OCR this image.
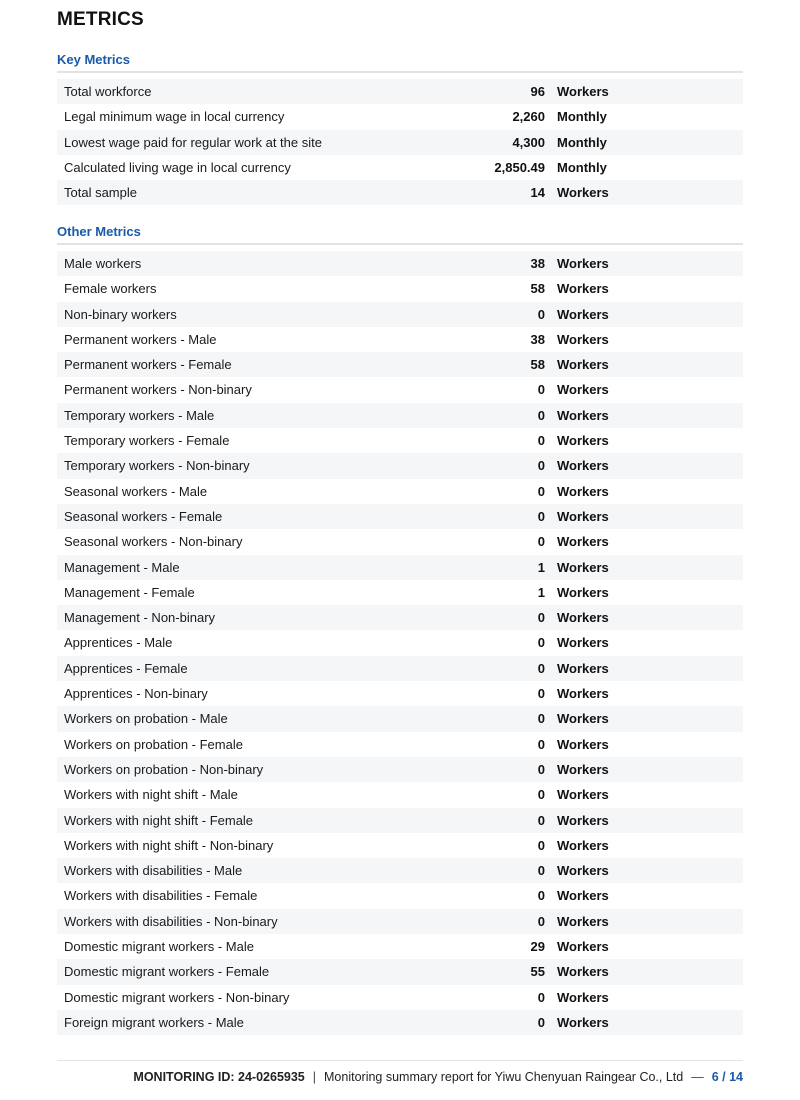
METRICS
Key Metrics
Total workforce	96 Workers
Legal minimum wage in local currency	2,260 Monthly
Lowest wage paid for regular work at the site	4,300 Monthly
Calculated living wage in local currency	2,850.49 Monthly
Total sample	14 Workers
Other Metrics
Male workers	38 Workers
Female workers	58 Workers
Non-binary workers	0 Workers
Permanent workers - Male	38 Workers
Permanent workers - Female	58 Workers
Permanent workers - Non-binary	0 Workers
Temporary workers - Male	0 Workers
Temporary workers - Female	0 Workers
Temporary workers - Non-binary	0 Workers
Seasonal workers - Male	0 Workers
Seasonal workers - Female	0 Workers
Seasonal workers - Non-binary	0 Workers
Management - Male	1 Workers
Management - Female	1 Workers
Management - Non-binary	0 Workers
Apprentices - Male	0 Workers
Apprentices - Female	0 Workers
Apprentices - Non-binary	0 Workers
Workers on probation - Male	0 Workers
Workers on probation - Female	0 Workers
Workers on probation - Non-binary	0 Workers
Workers with night shift - Male	0 Workers
Workers with night shift - Female	0 Workers
Workers with night shift - Non-binary	0 Workers
Workers with disabilities - Male	0 Workers
Workers with disabilities - Female	0 Workers
Workers with disabilities - Non-binary	0 Workers
Domestic migrant workers - Male	29 Workers
Domestic migrant workers - Female	55 Workers
Domestic migrant workers - Non-binary	0 Workers
Foreign migrant workers - Male	0 Workers
MONITORING ID: 24-0265935 | Monitoring summary report for Yiwu Chenyuan Raingear Co., Ltd — 6 / 14
